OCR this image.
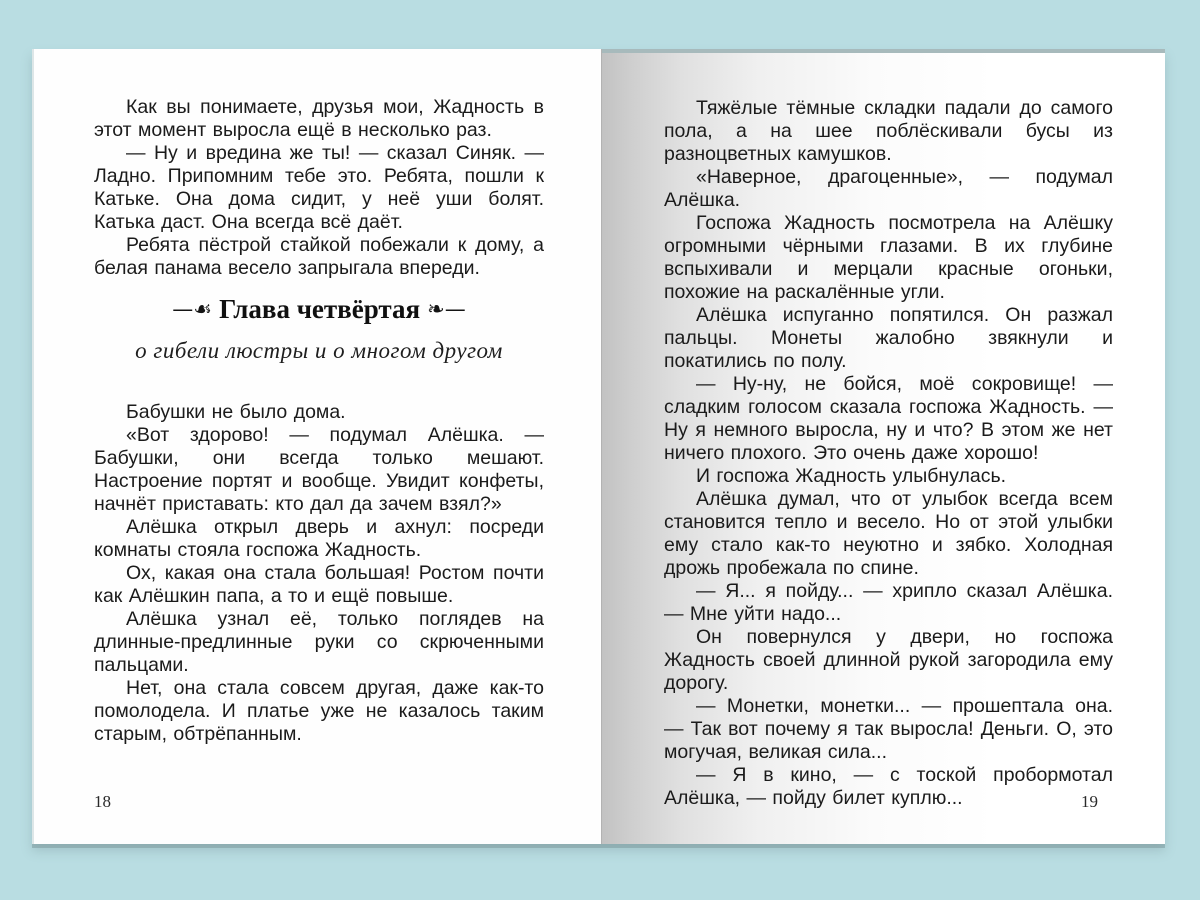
Как вы понимаете, друзья мои, Жадность в этот момент выросла ещё в несколько раз.

— Ну и вредина же ты! — сказал Синяк. — Ладно. Припомним тебе это. Ребята, пошли к Катьке. Она дома сидит, у неё уши болят. Катька даст. Она всегда всё даёт.

Ребята пёстрой стайкой побежали к дому, а белая панама весело запрыгала впереди.

—☙ Глава четвёртая ❧—
о гибели люстры и о многом другом

Бабушки не было дома.

«Вот здорово! — подумал Алёшка. — Бабушки, они всегда только мешают. Настроение портят и вообще. Увидит конфеты, начнёт приставать: кто дал да зачем взял?»

Алёшка открыл дверь и ахнул: посреди комнаты стояла госпожа Жадность.

Ох, какая она стала большая! Ростом почти как Алёшкин папа, а то и ещё повыше.

Алёшка узнал её, только поглядев на длинные-предлинные руки со скрюченными пальцами.

Нет, она стала совсем другая, даже как-то помолодела. И платье уже не казалось таким старым, обтрёпанным.

18

Тяжёлые тёмные складки падали до самого пола, а на шее поблёскивали бусы из разноцветных камушков.

«Наверное, драгоценные», — подумал Алёшка.

Госпожа Жадность посмотрела на Алёшку огромными чёрными глазами. В их глубине вспыхивали и мерцали красные огоньки, похожие на раскалённые угли.

Алёшка испуганно попятился. Он разжал пальцы. Монеты жалобно звякнули и покатились по полу.

— Ну-ну, не бойся, моё сокровище! — сладким голосом сказала госпожа Жадность. — Ну я немного выросла, ну и что? В этом же нет ничего плохого. Это очень даже хорошо!

И госпожа Жадность улыбнулась.

Алёшка думал, что от улыбок всегда всем становится тепло и весело. Но от этой улыбки ему стало как-то неуютно и зябко. Холодная дрожь пробежала по спине.

— Я... я пойду... — хрипло сказал Алёшка. — Мне уйти надо...

Он повернулся у двери, но госпожа Жадность своей длинной рукой загородила ему дорогу.

— Монетки, монетки... — прошептала она. — Так вот почему я так выросла! Деньги. О, это могучая, великая сила...

— Я в кино, — с тоской пробормотал Алёшка, — пойду билет куплю...	19
